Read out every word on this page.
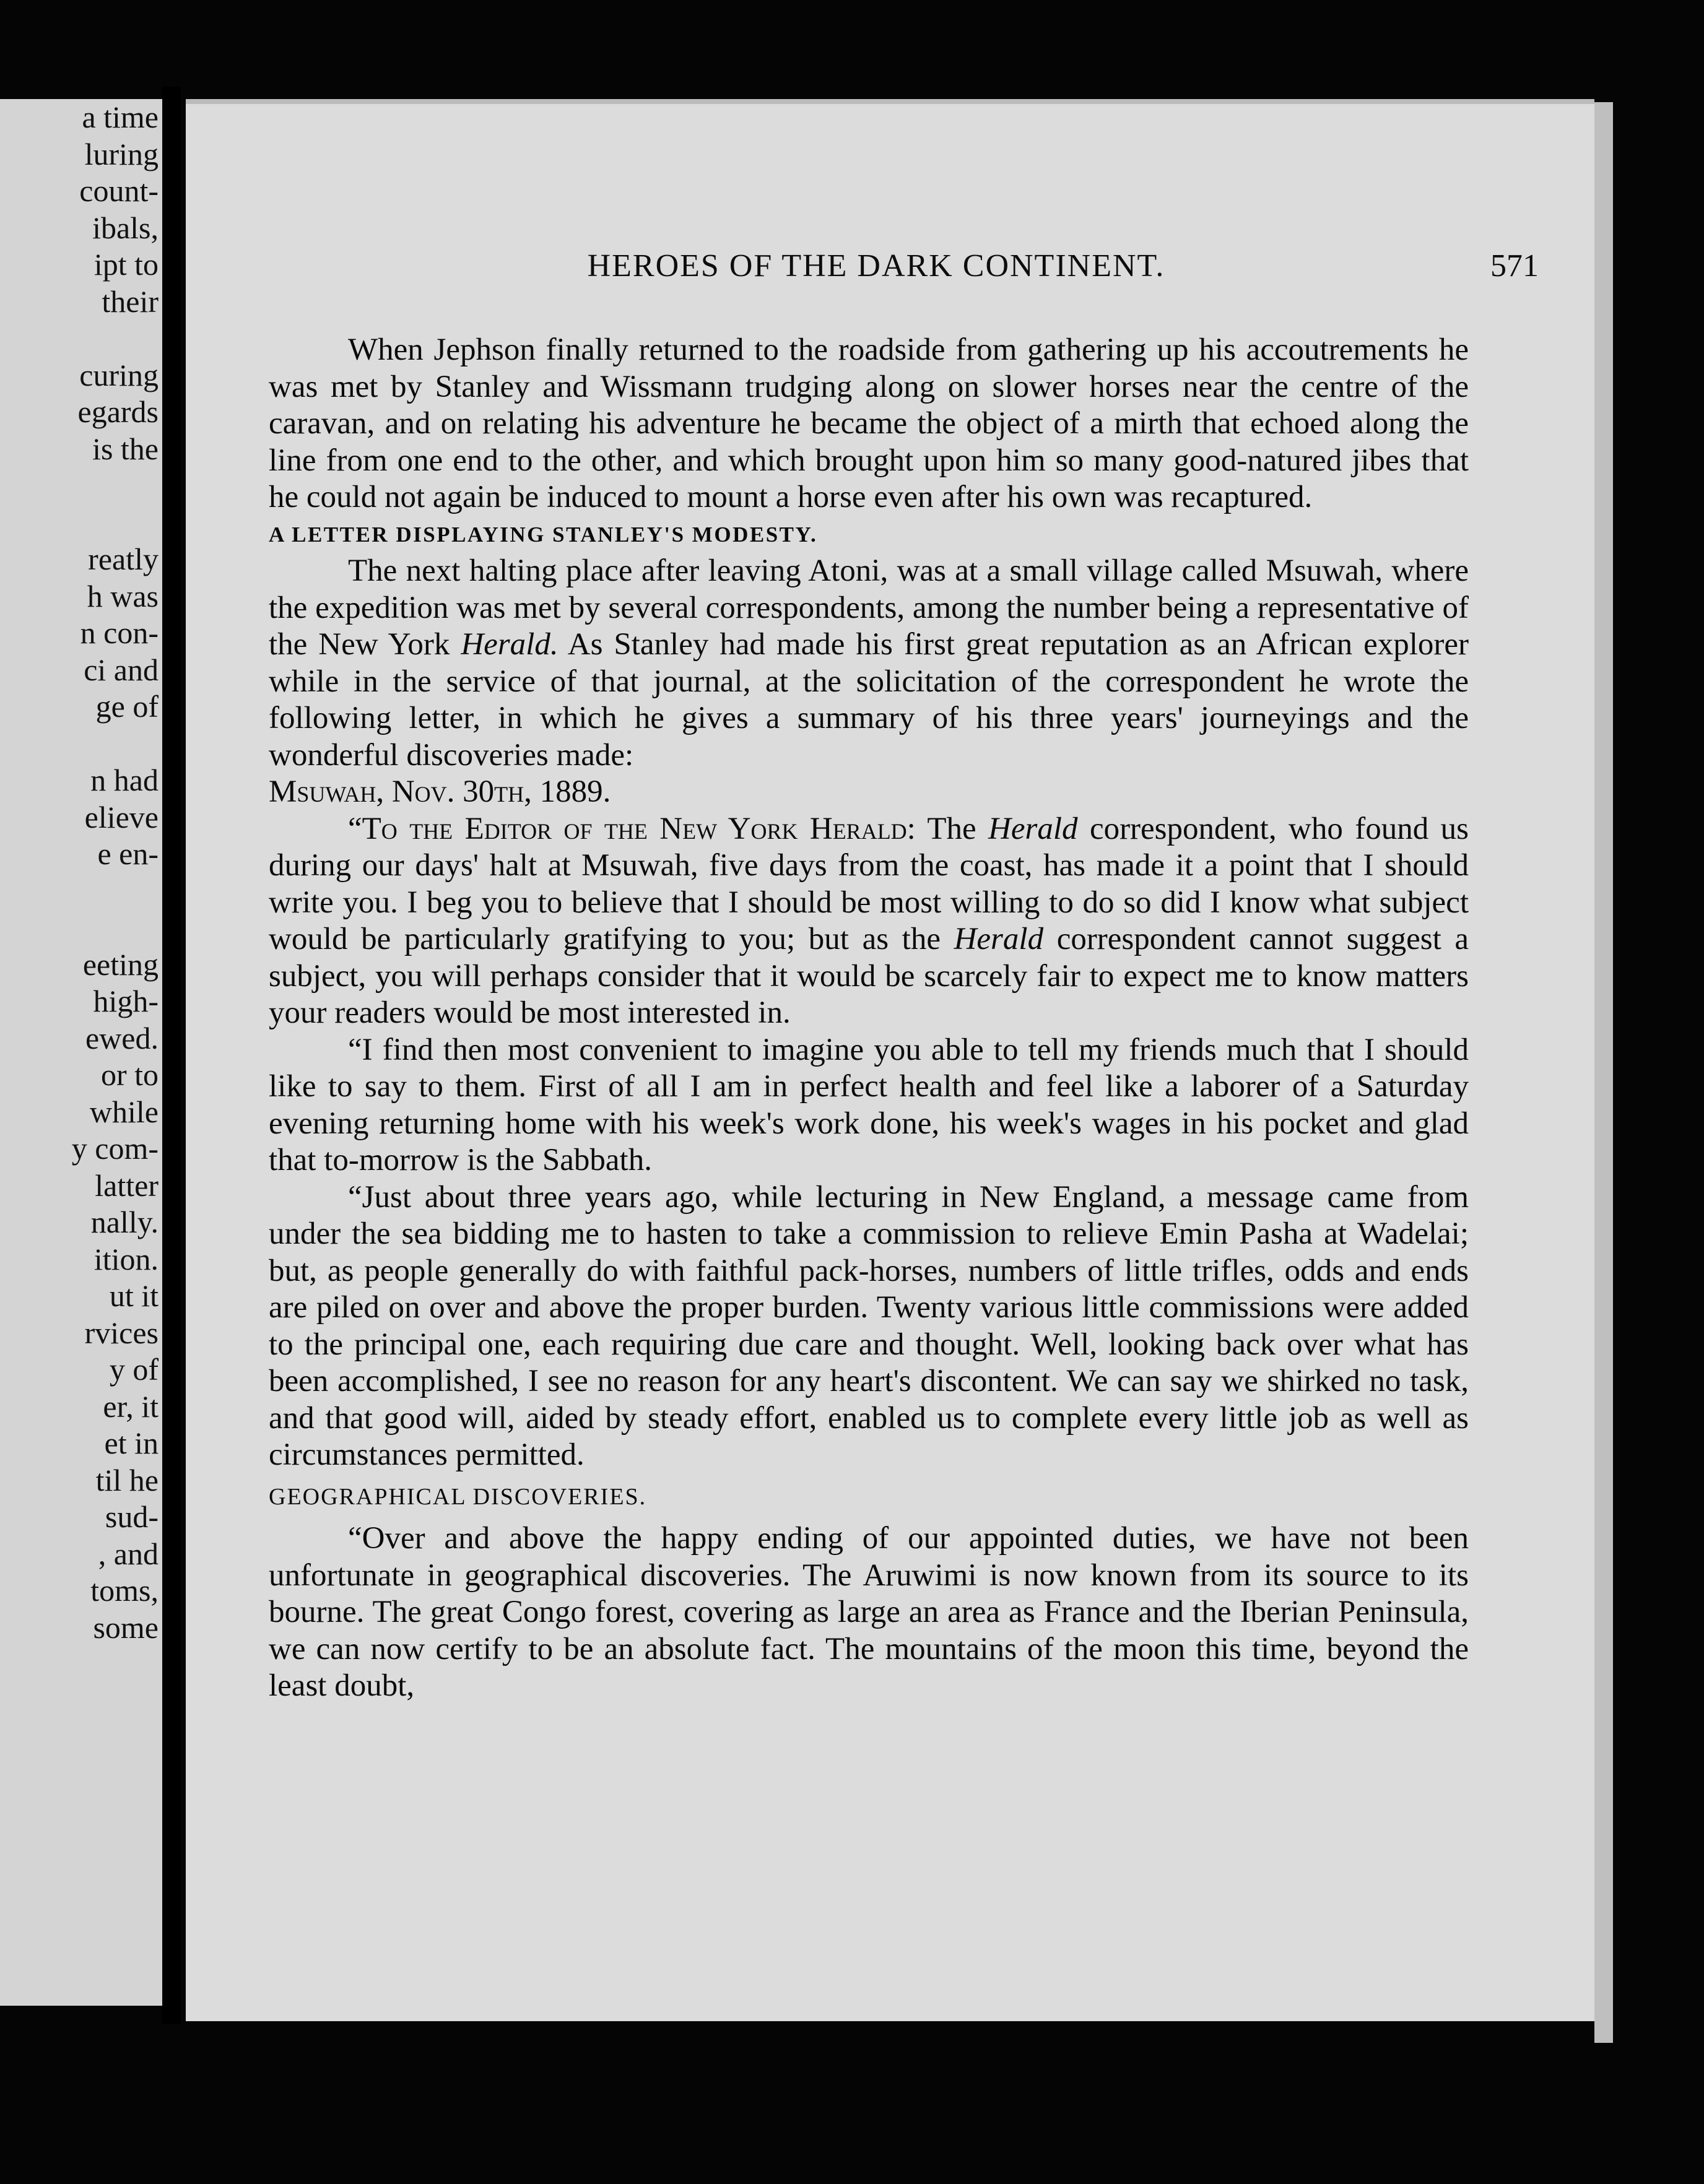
a time
luring
count-
ibals,
ipt to
their
curing
egards
is the
reatly
h was
n con-
ci and
ge of
n had
elieve
e en-
eeting
high-
ewed.
or to
while
y com-
latter
nally.
ition.
ut it
rvices
y of
er, it
et in
til he
sud-
, and
toms,
some
HEROES OF THE DARK CONTINENT.	571

When Jephson finally returned to the roadside from gathering up his accoutrements he was met by Stanley and Wissmann trudging along on slower horses near the centre of the caravan, and on relating his adventure he became the object of a mirth that echoed along the line from one end to the other, and which brought upon him so many good-natured jibes that he could not again be induced to mount a horse even after his own was recaptured.

A LETTER DISPLAYING STANLEY'S MODESTY.

The next halting place after leaving Atoni, was at a small village called Msuwah, where the expedition was met by several correspondents, among the number being a representative of the New York Herald. As Stanley had made his first great reputation as an African explorer while in the service of that journal, at the solicitation of the correspondent he wrote the following letter, in which he gives a summary of his three years' journeyings and the wonderful discoveries made:

Msuwah, Nov. 30th, 1889.

“To the Editor of the New York Herald: The Herald correspondent, who found us during our days' halt at Msuwah, five days from the coast, has made it a point that I should write you. I beg you to believe that I should be most willing to do so did I know what subject would be particularly gratifying to you; but as the Herald correspondent cannot suggest a subject, you will perhaps consider that it would be scarcely fair to expect me to know matters your readers would be most interested in.

“I find then most convenient to imagine you able to tell my friends much that I should like to say to them. First of all I am in perfect health and feel like a laborer of a Saturday evening returning home with his week's work done, his week's wages in his pocket and glad that to-morrow is the Sabbath.

“Just about three years ago, while lecturing in New England, a message came from under the sea bidding me to hasten to take a commission to relieve Emin Pasha at Wadelai; but, as people generally do with faithful pack-horses, numbers of little trifles, odds and ends are piled on over and above the proper burden. Twenty various little commissions were added to the principal one, each requiring due care and thought. Well, looking back over what has been accomplished, I see no reason for any heart's discontent. We can say we shirked no task, and that good will, aided by steady effort, enabled us to complete every little job as well as circumstances permitted.

GEOGRAPHICAL DISCOVERIES.

“Over and above the happy ending of our appointed duties, we have not been unfortunate in geographical discoveries. The Aruwimi is now known from its source to its bourne. The great Congo forest, covering as large an area as France and the Iberian Peninsula, we can now certify to be an absolute fact. The mountains of the moon this time, beyond the least doubt,
